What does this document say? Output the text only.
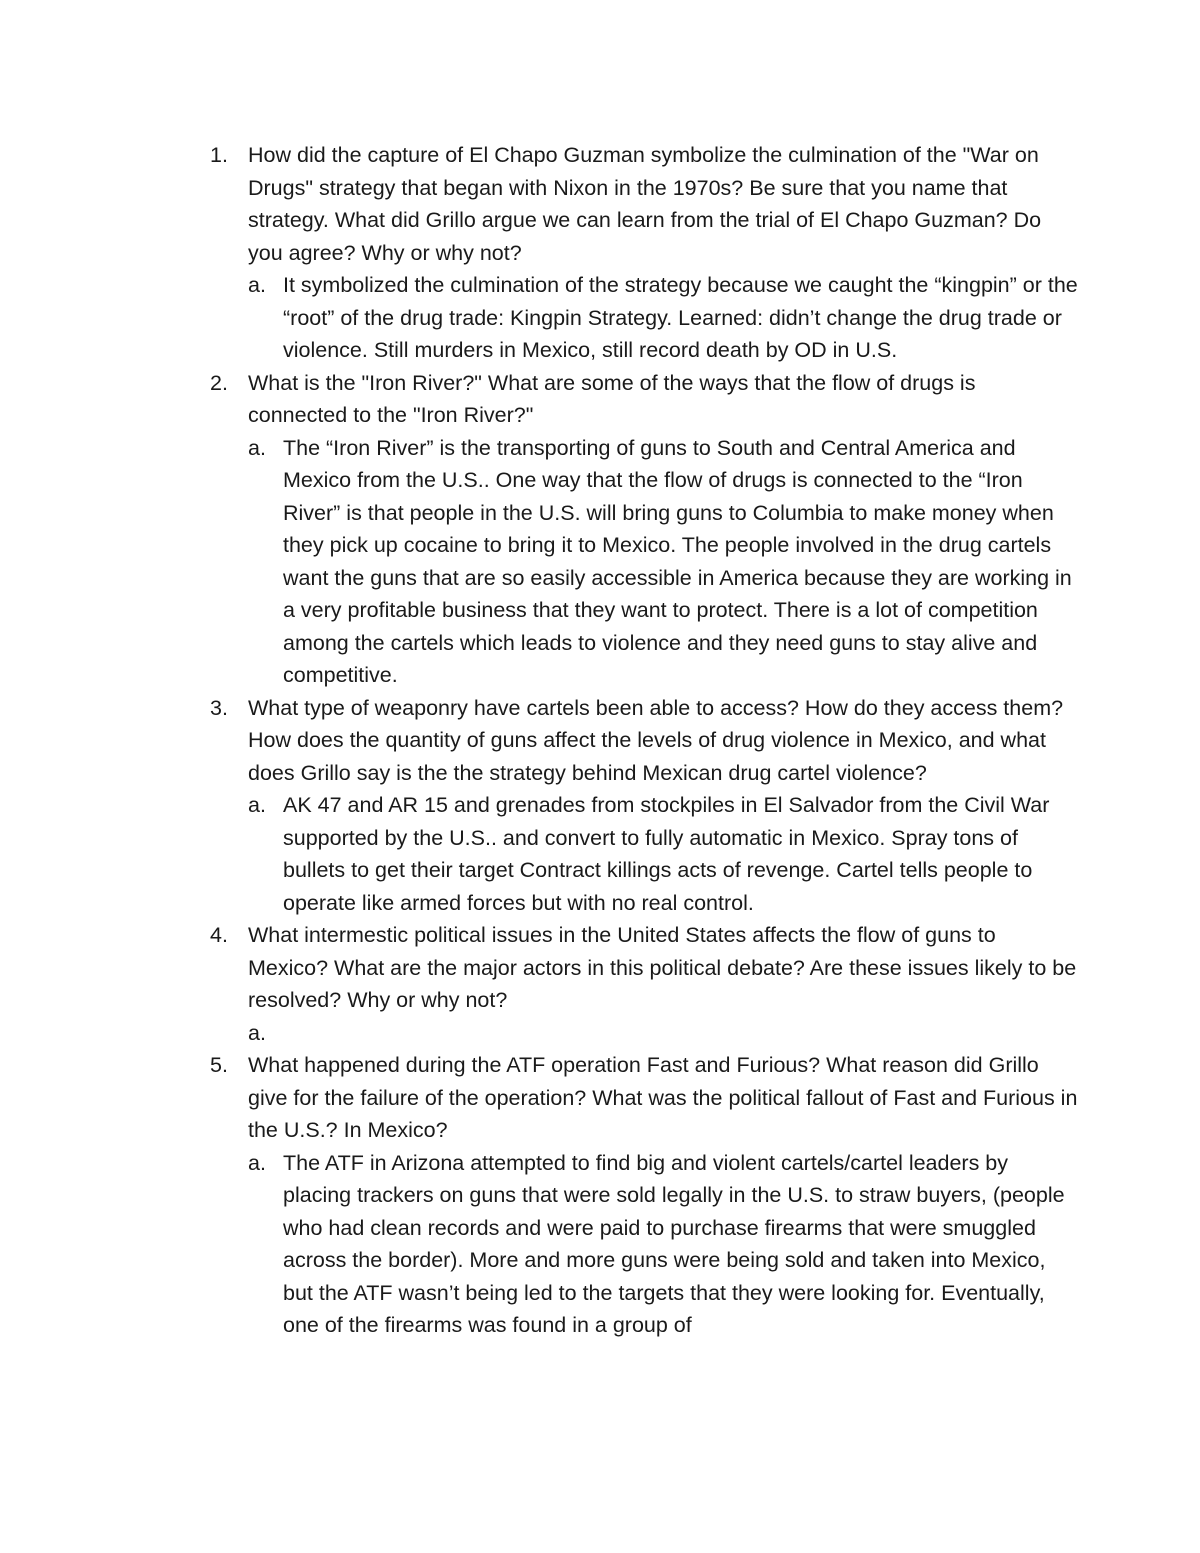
1. How did the capture of El Chapo Guzman symbolize the culmination of the "War on Drugs" strategy that began with Nixon in the 1970s? Be sure that you name that strategy. What did Grillo argue we can learn from the trial of El Chapo Guzman? Do you agree? Why or why not?
a. It symbolized the culmination of the strategy because we caught the “kingpin” or the “root” of the drug trade: Kingpin Strategy. Learned: didn’t change the drug trade or violence. Still murders in Mexico, still record death by OD in U.S.
2. What is the "Iron River?" What are some of the ways that the flow of drugs is connected to the "Iron River?"
a. The “Iron River” is the transporting of guns to South and Central America and Mexico from the U.S.. One way that the flow of drugs is connected to the “Iron River” is that people in the U.S. will bring guns to Columbia to make money when they pick up cocaine to bring it to Mexico. The people involved in the drug cartels want the guns that are so easily accessible in America because they are working in a very profitable business that they want to protect. There is a lot of competition among the cartels which leads to violence and they need guns to stay alive and competitive.
3. What type of weaponry have cartels been able to access? How do they access them? How does the quantity of guns affect the levels of drug violence in Mexico, and what does Grillo say is the the strategy behind Mexican drug cartel violence?
a. AK 47 and AR 15 and grenades from stockpiles in El Salvador from the Civil War supported by the U.S.. and convert to fully automatic in Mexico. Spray tons of bullets to get their target Contract killings acts of revenge. Cartel tells people to operate like armed forces but with no real control.
4. What intermestic political issues in the United States affects the flow of guns to Mexico? What are the major actors in this political debate? Are these issues likely to be resolved? Why or why not?
a.
5. What happened during the ATF operation Fast and Furious? What reason did Grillo give for the failure of the operation? What was the political fallout of Fast and Furious in the U.S.? In Mexico?
a. The ATF in Arizona attempted to find big and violent cartels/cartel leaders by placing trackers on guns that were sold legally in the U.S. to straw buyers, (people who had clean records and were paid to purchase firearms that were smuggled across the border). More and more guns were being sold and taken into Mexico, but the ATF wasn’t being led to the targets that they were looking for. Eventually, one of the firearms was found in a group of
